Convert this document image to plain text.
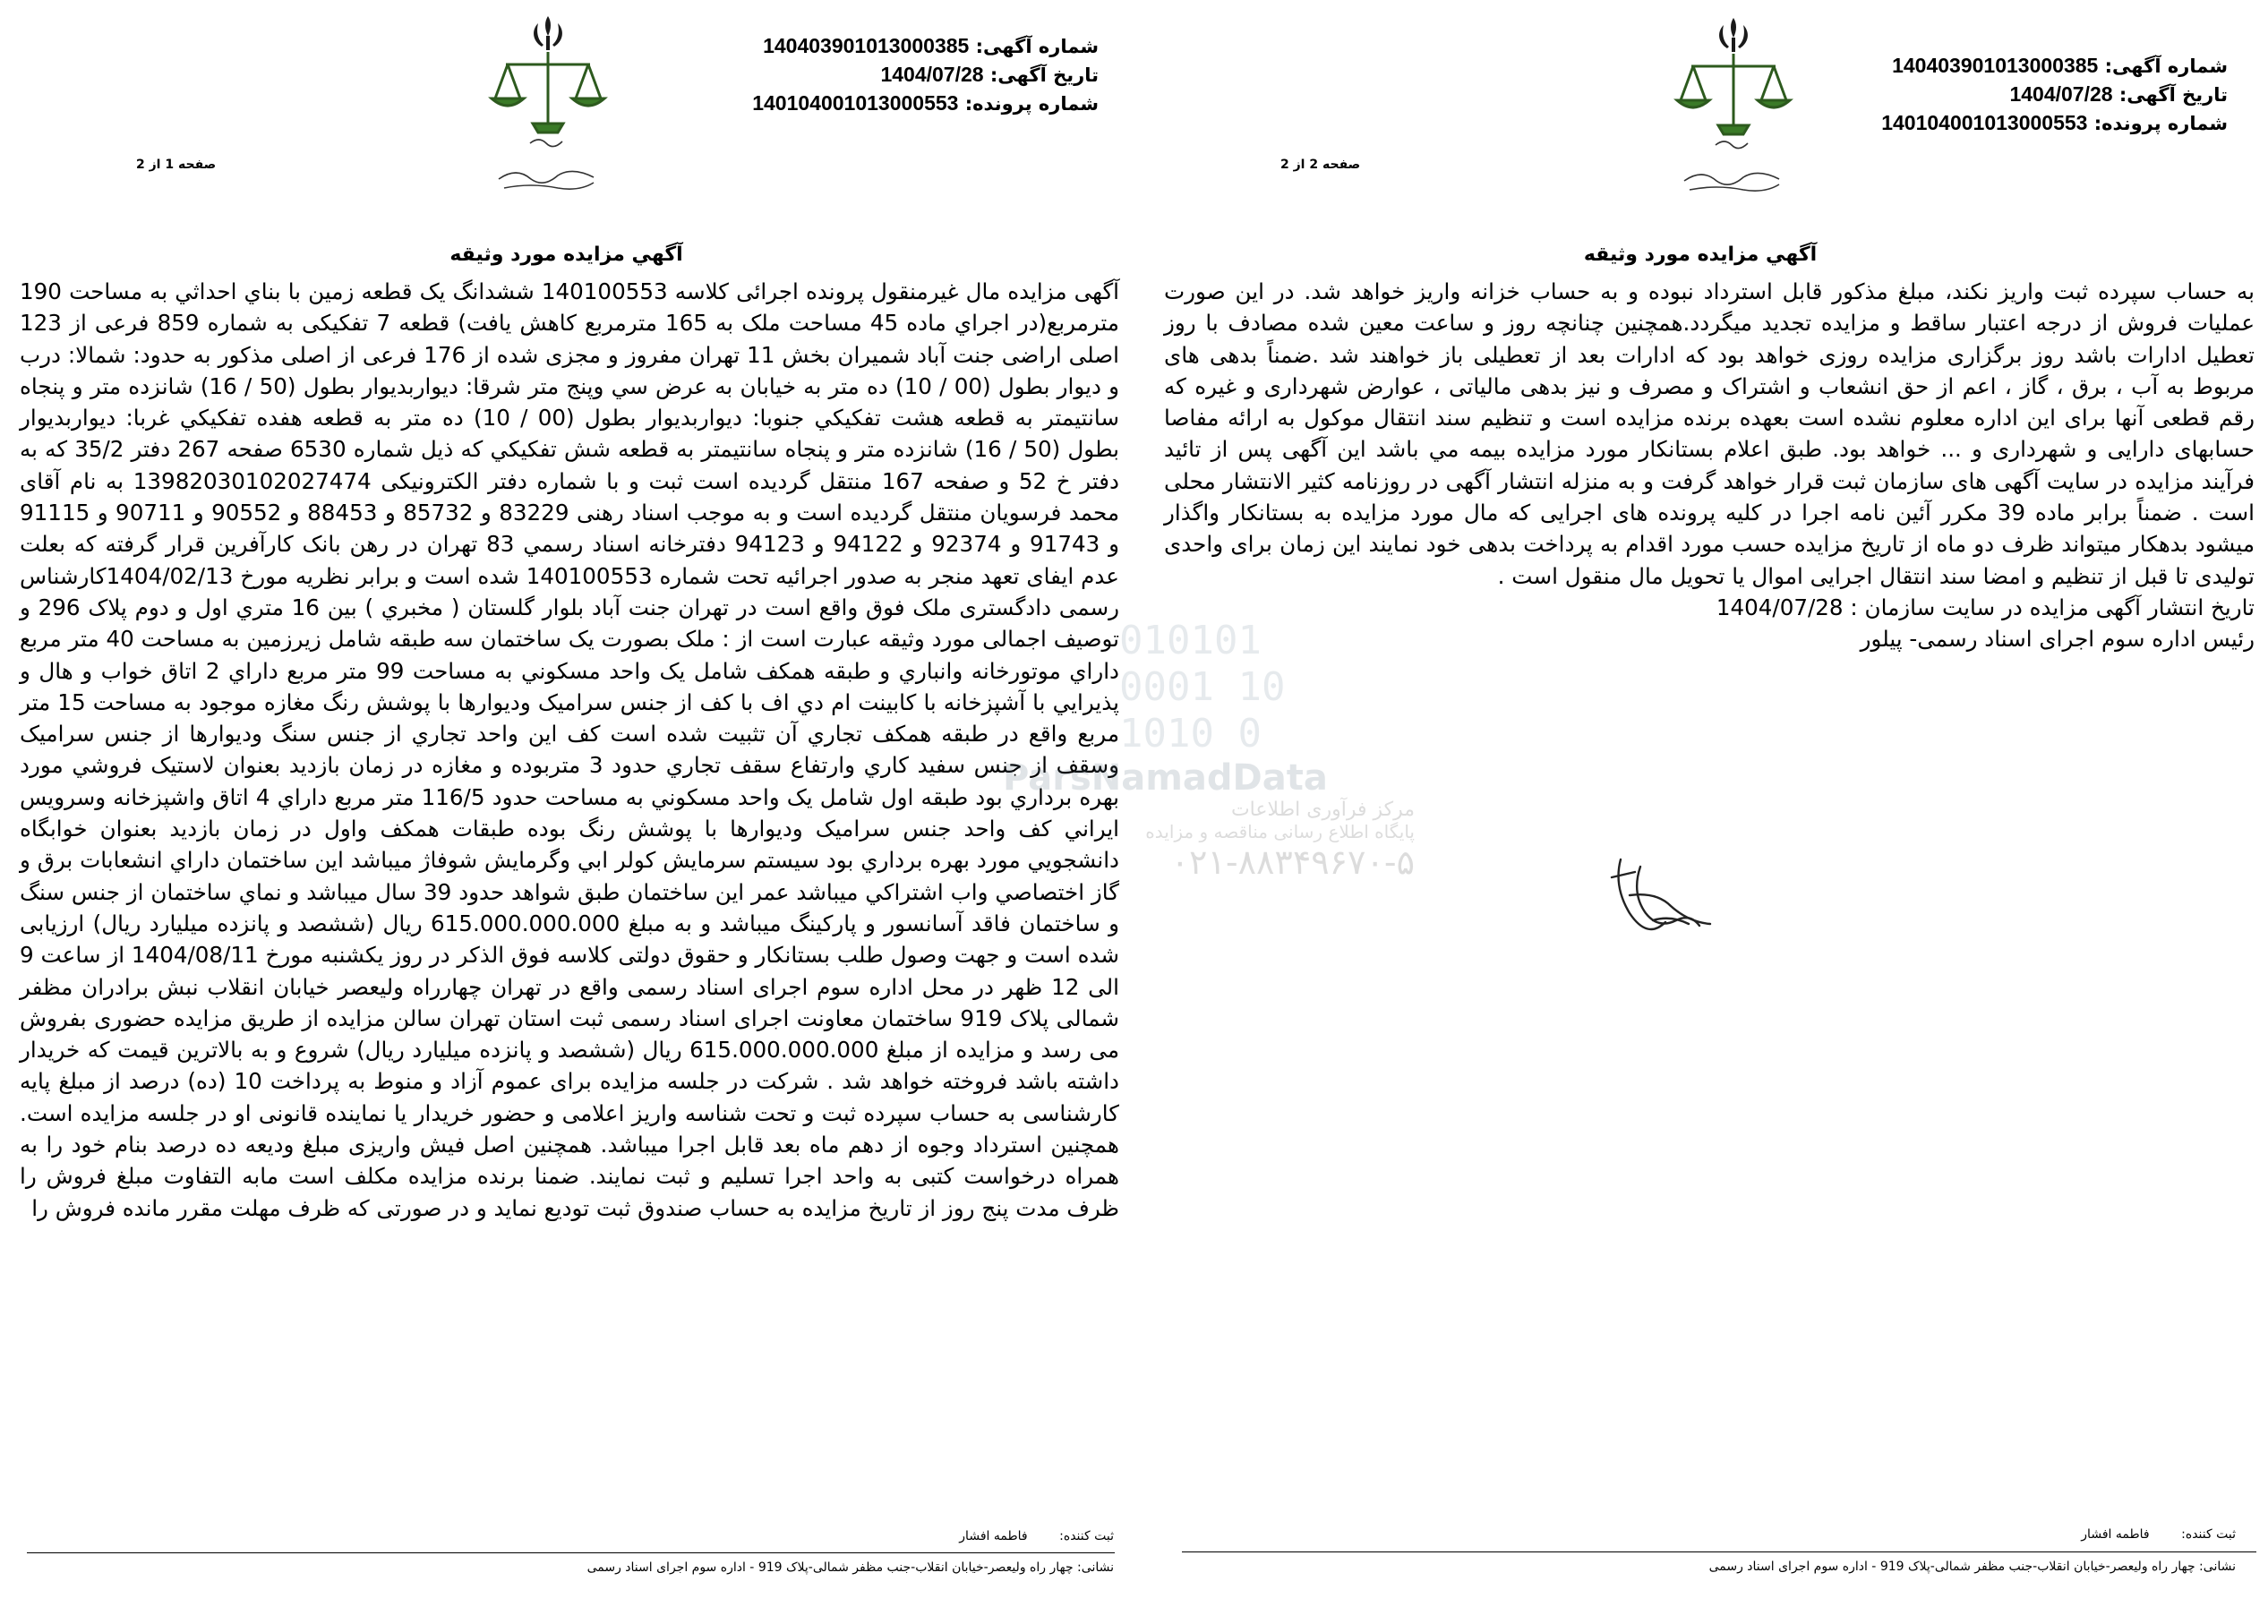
شماره آگهی: 140403901013000385
تاریخ آگهی: 1404/07/28
شماره پرونده: 140104001013000553
صفحه 1 از 2
آگهي مزايده مورد وثيقه

آگهی مزایده مال غیرمنقول پرونده اجرائی کلاسه 140100553 ششدانگ یک قطعه زمین با بناي احداثي به مساحت 190 مترمربع(در اجراي ماده 45 مساحت ملک به 165 مترمربع کاهش یافت) قطعه 7 تفکیکی به شماره 859 فرعی از 123 اصلی اراضی جنت آباد شمیران بخش 11 تهران مفروز و مجزی شده از 176 فرعی از اصلی مذکور به حدود: شمالا: درب و دیوار بطول (00 / 10) ده متر به خیابان به عرض سي وپنج متر شرقا: دیواربدیوار بطول (50 / 16) شانزده متر و پنجاه سانتیمتر به قطعه هشت تفکيکي جنوبا: ديواربديوار بطول (00 / 10) ده متر به قطعه هفده تفکيکي غربا: ديواربديوار بطول (50 / 16) شانزده متر و پنجاه سانتيمتر به قطعه شش تفکيکي که ذيل شماره 6530 صفحه 267 دفتر 35/2 که به دفتر خ 52 و صفحه 167 منتقل گرديده است ثبت و با شماره دفتر الکترونيکی 13982030102027474 به نام آقای محمد فرسویان منتقل گردیده است و به موجب اسناد رهنی 83229 و 85732 و 88453 و 90552 و 90711 و 91115 و 91743 و 92374 و 94122 و 94123 دفترخانه اسناد رسمي 83 تهران در رهن بانک کارآفرین قرار گرفته که بعلت عدم ایفای تعهد منجر به صدور اجرائیه تحت شماره 140100553 شده است و برابر نظريه مورخ 1404/02/13کارشناس رسمی دادگستری ملک فوق واقع است در تهران جنت آباد بلوار گلستان ( مخبري ) بين 16 متري اول و دوم پلاک 296 و توصيف اجمالی مورد وثيقه عبارت است از : ملک بصورت یک ساختمان سه طبقه شامل زيرزمين به مساحت 40 متر مربع داراي موتورخانه وانباري و طبقه همکف شامل يک واحد مسكوني به مساحت 99 متر مربع داراي 2 اتاق خواب و هال و پذيرايي با آشپزخانه با کابينت ام دي اف با کف از جنس سرامیک وديوارها با پوشش رنگ مغازه موجود به مساحت 15 متر مربع واقع در طبقه همکف تجاري آن تثبیت شده است کف اين واحد تجاري از جنس سنگ وديوارها از جنس سراميک وسقف از جنس سفيد کاري وارتفاع سقف تجاري حدود 3 متربوده و مغازه در زمان بازديد بعنوان لاستيک فروشي مورد بهره برداري بود طبقه اول شامل يک واحد مسکوني به مساحت حدود 116/5 متر مربع داراي 4 اتاق واشپزخانه وسرويس ايراني کف واحد جنس سراميک وديوارها با پوشش رنگ بوده طبقات همکف واول در زمان بازديد بعنوان خوابگاه دانشجويي مورد بهره برداري بود سيستم سرمايش کولر ابي وگرمايش شوفاژ ميباشد اين ساختمان داراي انشعابات برق و گاز اختصاصي واب اشتراکي ميباشد عمر اين ساختمان طبق شواهد حدود 39 سال ميباشد و نماي ساختمان از جنس سنگ و ساختمان فاقد آسانسور و پارکينگ ميباشد و به مبلغ 615.000.000.000 ريال (ششصد و پانزده ميليارد ريال) ارزيابی شده است و جهت وصول طلب بستانکار و حقوق دولتی کلاسه فوق الذکر در روز يکشنبه مورخ 1404/08/11 از ساعت 9 الی 12 ظهر در محل اداره سوم اجرای اسناد رسمی واقع در تهران چهارراه وليعصر خيابان انقلاب نبش برادران مظفر شمالی پلاک 919 ساختمان معاونت اجرای اسناد رسمی ثبت استان تهران سالن مزايده از طريق مزايده حضوری بفروش می رسد و مزايده از مبلغ 615.000.000.000 ريال (ششصد و پانزده ميليارد ريال) شروع و به بالاترين قيمت که خريدار داشته باشد فروخته خواهد شد . شرکت در جلسه مزايده برای عموم آزاد و منوط به پرداخت 10 (ده) درصد از مبلغ پايه کارشناسی به حساب سپرده ثبت و تحت شناسه واريز اعلامی و حضور خريدار يا نماينده قانونی او در جلسه مزايده است. همچنين استرداد وجوه از دهم ماه بعد قابل اجرا ميباشد. همچنين اصل فيش واريزی مبلغ وديعه ده درصد بنام خود را به همراه درخواست کتبی به واحد اجرا تسليم و ثبت نمايند. ضمنا برنده مزايده مکلف است مابه التفاوت مبلغ فروش را ظرف مدت پنج روز از تاريخ مزايده به حساب صندوق ثبت توديع نمايد و در صورتی که ظرف مهلت مقرر مانده فروش را

ثبت کننده:        فاطمه افشار
نشانی: چهار راه وليعصر-خيابان انقلاب-جنب مظفر شمالی-پلاک 919 - اداره سوم اجرای اسناد رسمی
شماره آگهی: 140403901013000385
تاریخ آگهی: 1404/07/28
شماره پرونده: 140104001013000553
صفحه 2 از 2
آگهي مزايده مورد وثيقه

به حساب سپرده ثبت واريز نکند، مبلغ مذکور قابل استرداد نبوده و به حساب خزانه واريز خواهد شد. در اين صورت عمليات فروش از درجه اعتبار ساقط و مزايده تجديد ميگردد.همچنين چنانچه روز و ساعت معين شده مصادف با روز تعطيل ادارات باشد روز برگزاری مزايده روزی خواهد بود که ادارات بعد از تعطيلی باز خواهند شد .ضمناً بدهی های مربوط به آب ، برق ، گاز ، اعم از حق انشعاب و اشتراک و مصرف و نيز بدهی مالياتی ، عوارض شهرداری و غيره که رقم قطعی آنها برای اين اداره معلوم نشده است بعهده برنده مزايده است و تنظيم سند انتقال موکول به ارائه مفاصا حسابهای دارايی و شهرداری و ... خواهد بود. طبق اعلام بستانکار مورد مزايده بيمه مي باشد اين آگهی پس از تائيد فرآيند مزايده در سايت آگهی های سازمان ثبت قرار خواهد گرفت و به منزله انتشار آگهی در روزنامه کثير الانتشار محلی است . ضمناً برابر ماده 39 مکرر آئين نامه اجرا در کليه پرونده های اجرايی که مال مورد مزايده به بستانکار واگذار ميشود بدهکار ميتواند ظرف دو ماه از تاريخ مزايده حسب مورد اقدام به پرداخت بدهی خود نمايند اين زمان برای واحدی توليدی تا قبل از تنظيم و امضا سند انتقال اجرايی اموال يا تحويل مال منقول است .

تاريخ انتشار آگهی مزايده در سايت سازمان : 1404/07/28

رئيس اداره سوم اجرای اسناد رسمی- پيلور

ثبت کننده:        فاطمه افشار
نشانی: چهار راه وليعصر-خيابان انقلاب-جنب مظفر شمالی-پلاک 919 - اداره سوم اجرای اسناد رسمی
010101 0001 10 1010 0
ParsNamadData
مرکز فرآوری اطلاعات
پایگاه اطلاع رسانی مناقصه و مزایده
۰۲۱-۸۸۳۴۹۶۷۰-۵
